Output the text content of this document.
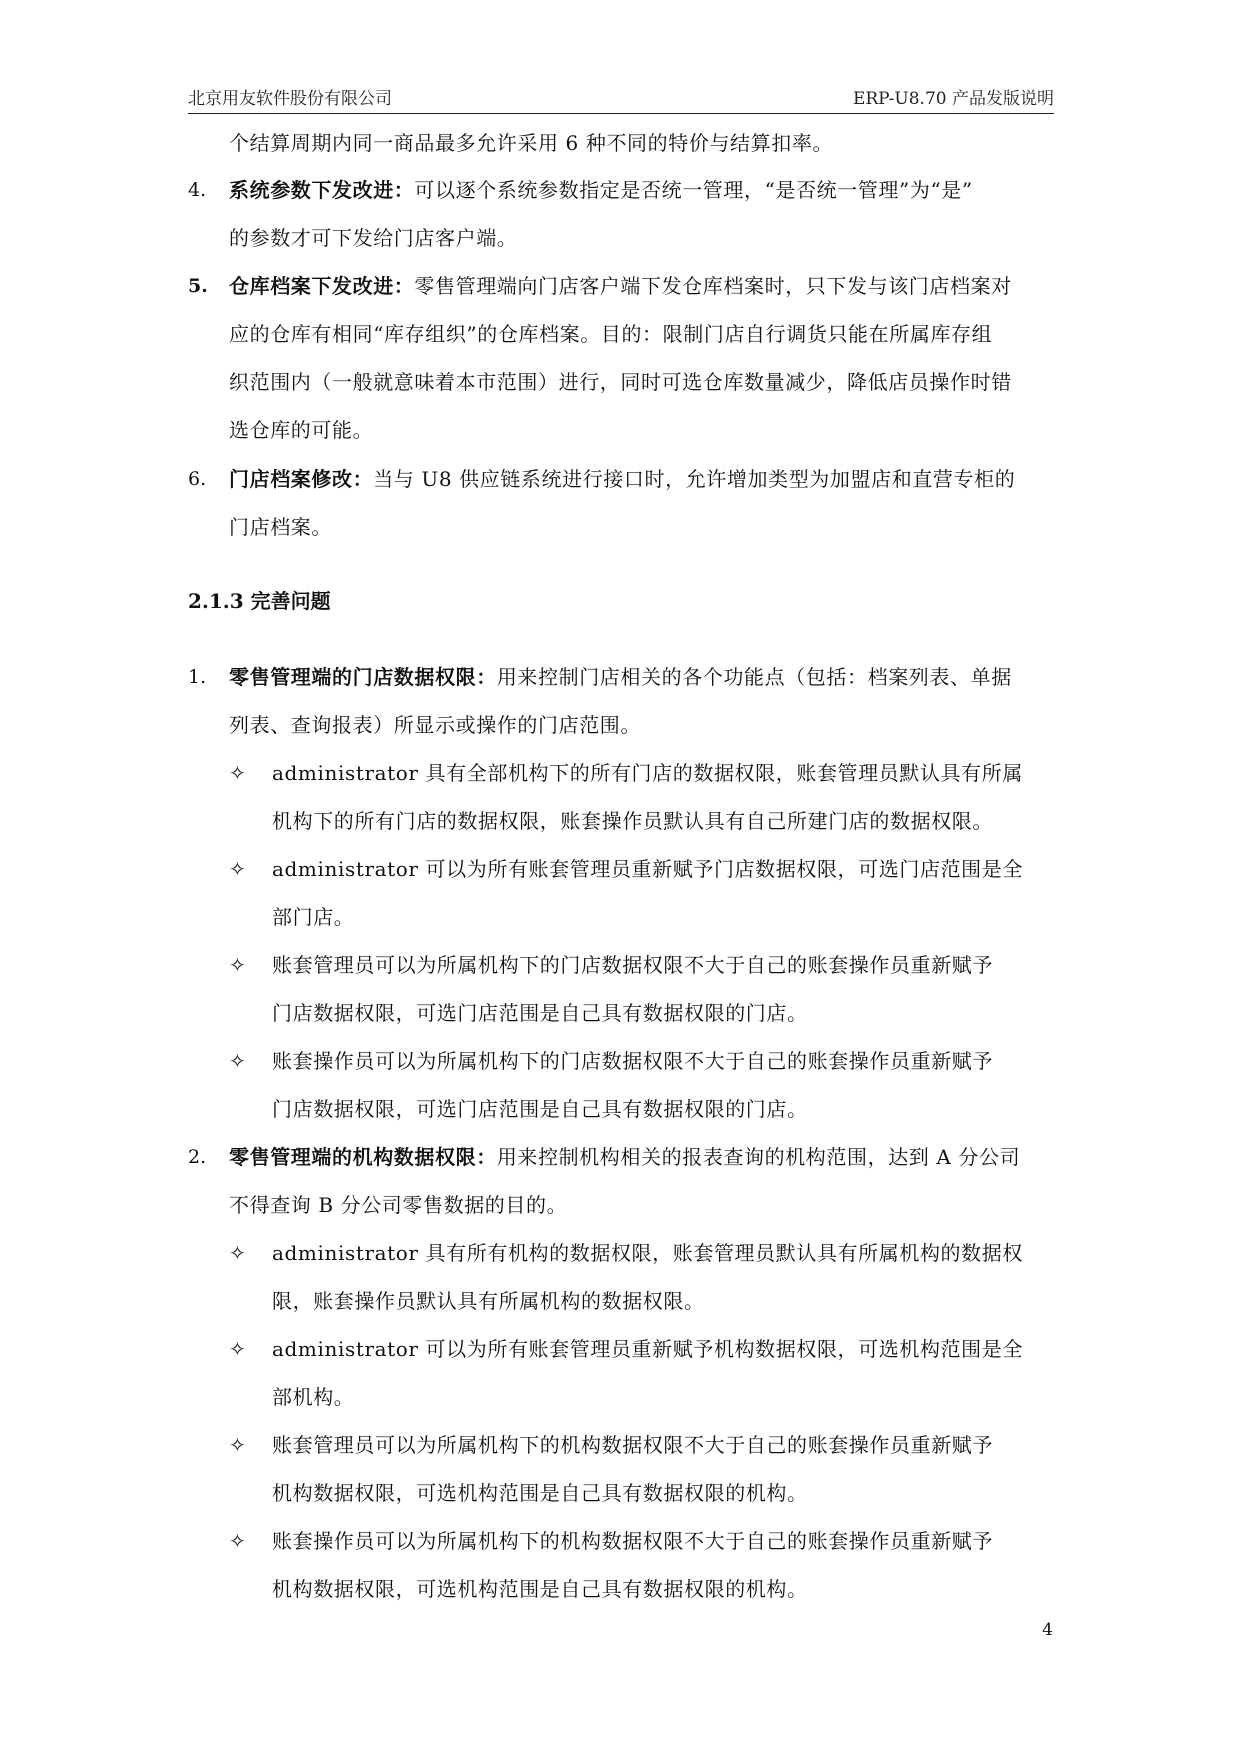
北京用友软件股份有限公司	ERP-U8.70 产品发版说明
个结算周期内同一商品最多允许采用 6 种不同的特价与结算扣率。
4. 系统参数下发改进：可以逐个系统参数指定是否统一管理，“是否统一管理”为“是”
的参数才可下发给门店客户端。
5. 仓库档案下发改进：零售管理端向门店客户端下发仓库档案时，只下发与该门店档案对
应的仓库有相同“库存组织”的仓库档案。目的：限制门店自行调货只能在所属库存组
织范围内（一般就意味着本市范围）进行，同时可选仓库数量减少，降低店员操作时错
选仓库的可能。
6. 门店档案修改：当与 U8 供应链系统进行接口时，允许增加类型为加盟店和直营专柜的
门店档案。
2.1.3 完善问题
1. 零售管理端的门店数据权限：用来控制门店相关的各个功能点（包括：档案列表、单据
列表、查询报表）所显示或操作的门店范围。
✧ administrator 具有全部机构下的所有门店的数据权限，账套管理员默认具有所属
机构下的所有门店的数据权限，账套操作员默认具有自己所建门店的数据权限。
✧ administrator 可以为所有账套管理员重新赋予门店数据权限，可选门店范围是全
部门店。
✧ 账套管理员可以为所属机构下的门店数据权限不大于自己的账套操作员重新赋予
门店数据权限，可选门店范围是自己具有数据权限的门店。
✧ 账套操作员可以为所属机构下的门店数据权限不大于自己的账套操作员重新赋予
门店数据权限，可选门店范围是自己具有数据权限的门店。
2. 零售管理端的机构数据权限：用来控制机构相关的报表查询的机构范围，达到 A 分公司
不得查询 B 分公司零售数据的目的。
✧ administrator 具有所有机构的数据权限，账套管理员默认具有所属机构的数据权
限，账套操作员默认具有所属机构的数据权限。
✧ administrator 可以为所有账套管理员重新赋予机构数据权限，可选机构范围是全
部机构。
✧ 账套管理员可以为所属机构下的机构数据权限不大于自己的账套操作员重新赋予
机构数据权限，可选机构范围是自己具有数据权限的机构。
✧ 账套操作员可以为所属机构下的机构数据权限不大于自己的账套操作员重新赋予
机构数据权限，可选机构范围是自己具有数据权限的机构。
4
